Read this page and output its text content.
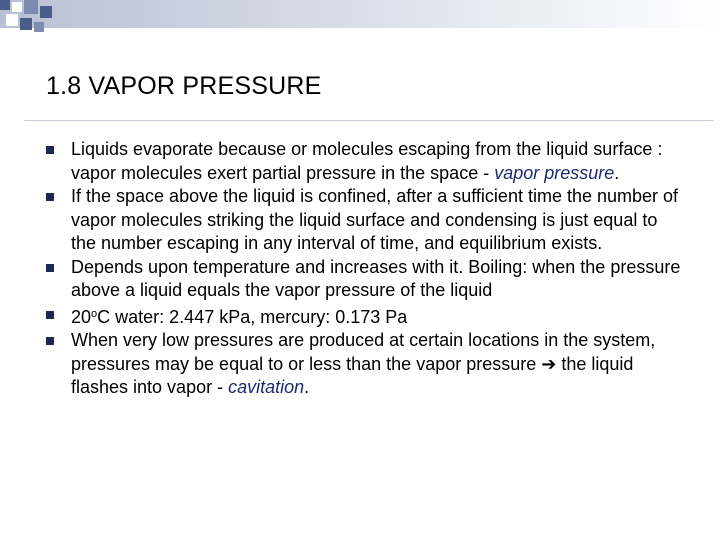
1.8 VAPOR PRESSURE
Liquids evaporate because or molecules escaping from the liquid surface : vapor molecules exert partial pressure in the space - vapor pressure.
If the space above the liquid is confined, after a sufficient time the number of vapor molecules striking the liquid surface and condensing is just equal to the number escaping in any interval of time, and equilibrium exists.
Depends upon temperature and increases with it. Boiling: when the pressure above a liquid equals the vapor pressure of the liquid
20$^o$C water: 2.447 kPa, mercury: 0.173 Pa
When very low pressures are produced at certain locations in the system, pressures may be equal to or less than the vapor pressure ➔ the liquid flashes into vapor - cavitation.
